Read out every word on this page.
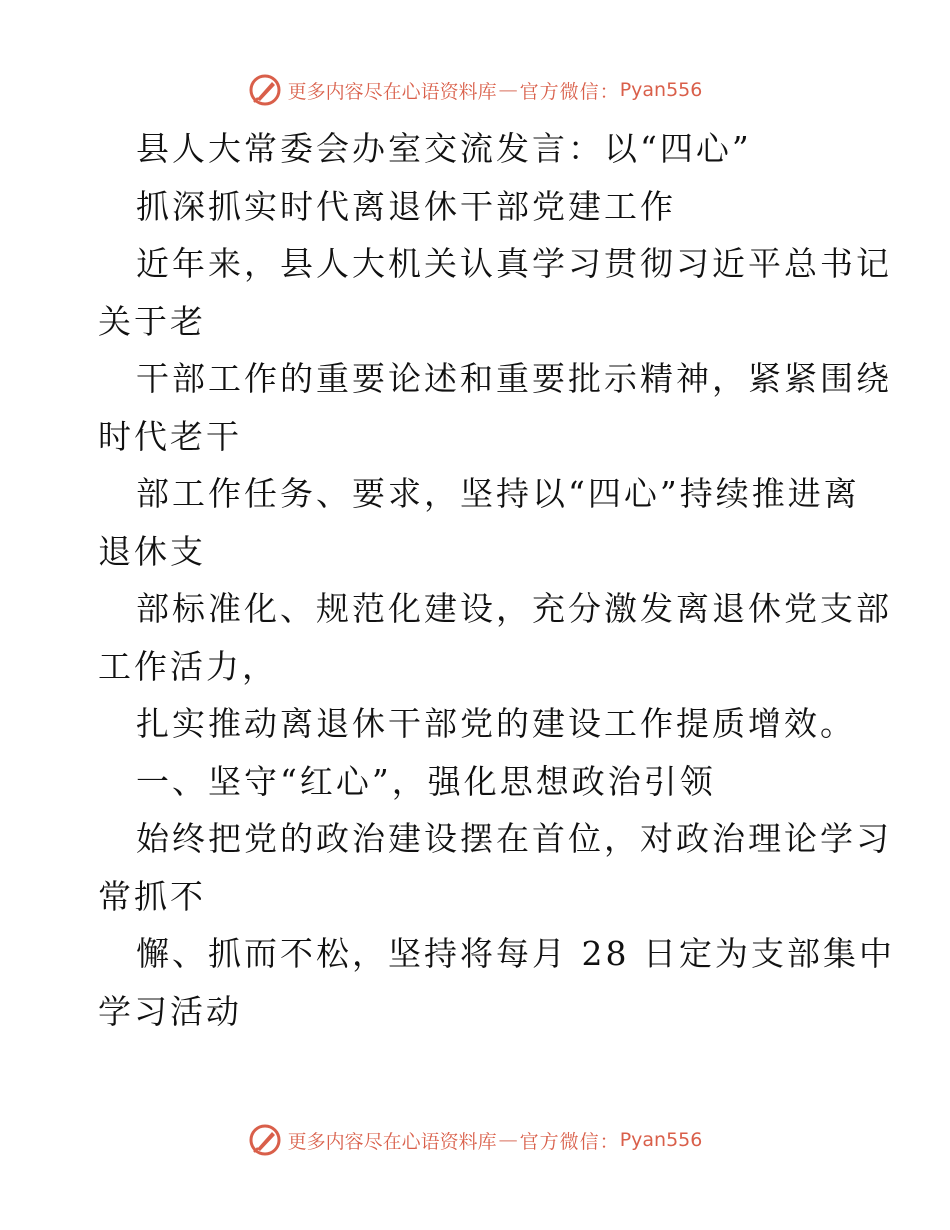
更多内容尽在心语资料库 — 官方微信： Pyan556
县人大常委会办室交流发言：以“四心”
抓深抓实时代离退休干部党建工作
近年来，县人大机关认真学习贯彻习近平总书记
关于老
干部工作的重要论述和重要批示精神，紧紧围绕
时代老干
部工作任务、要求，坚持以“四心”持续推进离
退休支
部标准化、规范化建设，充分激发离退休党支部
工作活力，
扎实推动离退休干部党的建设工作提质增效。
一、坚守“红心”，强化思想政治引领
始终把党的政治建设摆在首位，对政治理论学习
常抓不
懈、抓而不松，坚持将每月 28 日定为支部集中
学习活动
更多内容尽在心语资料库 — 官方微信： Pyan556
